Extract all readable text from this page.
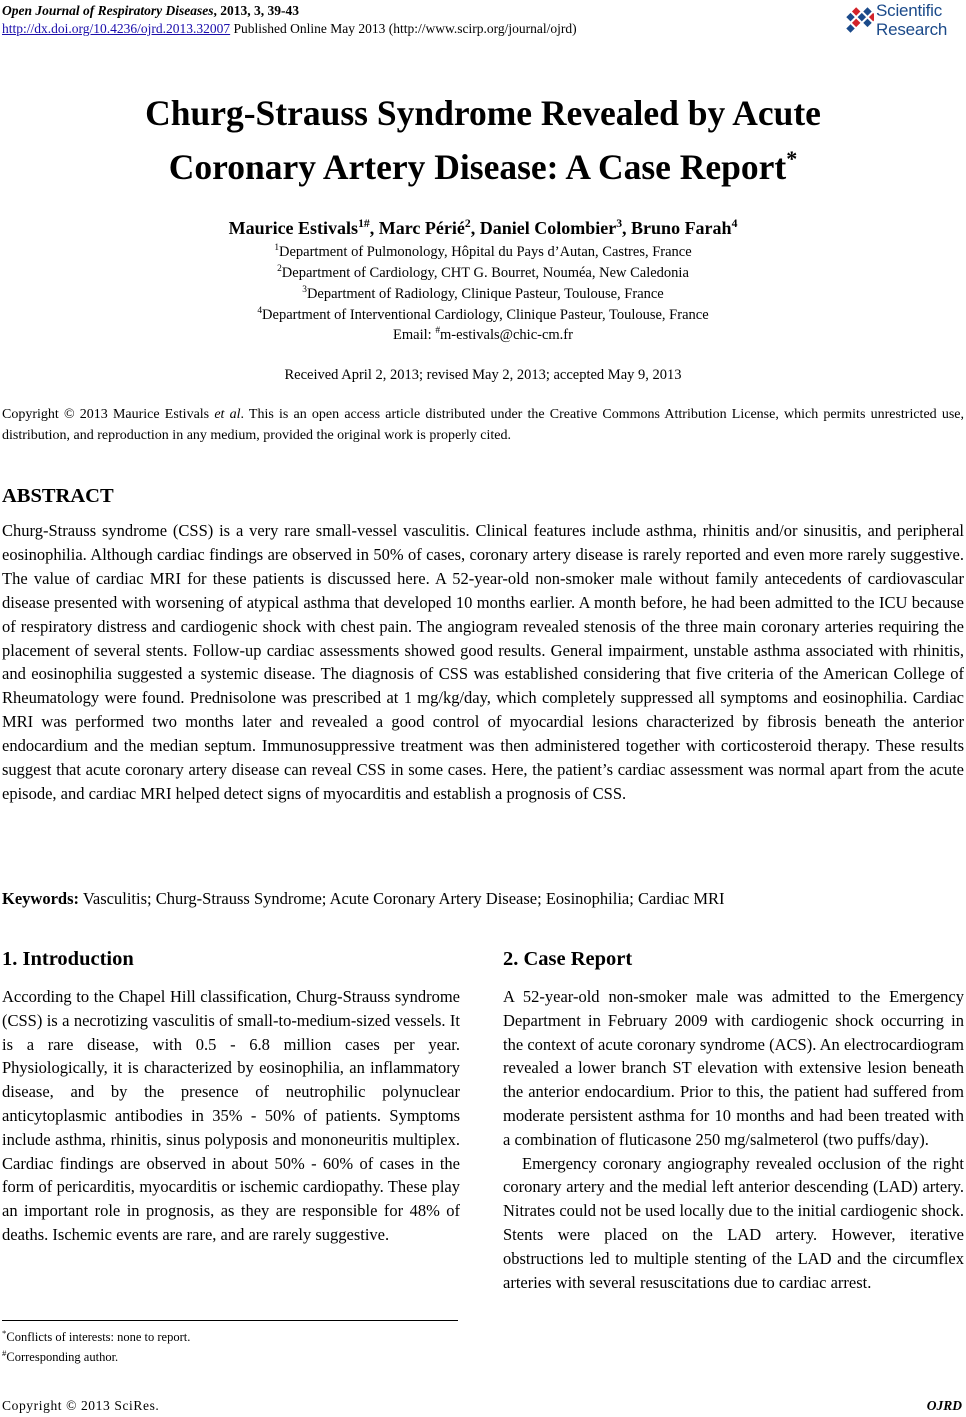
Open Journal of Respiratory Diseases, 2013, 3, 39-43
http://dx.doi.org/10.4236/ojrd.2013.32007 Published Online May 2013 (http://www.scirp.org/journal/ojrd)
Scientific
Research
Churg-Strauss Syndrome Revealed by Acute
Coronary Artery Disease: A Case Report*
Maurice Estivals$^{1\#}$, Marc Périé$^2$, Daniel Colombier$^3$, Bruno Farah$^4$
$^1$Department of Pulmonology, Hôpital du Pays d’Autan, Castres, France
$^2$Department of Cardiology, CHT G. Bourret, Nouméa, New Caledonia
$^3$Department of Radiology, Clinique Pasteur, Toulouse, France
$^4$Department of Interventional Cardiology, Clinique Pasteur, Toulouse, France
Email: #m-estivals@chic-cm.fr
Received April 2, 2013; revised May 2, 2013; accepted May 9, 2013
Copyright © 2013 Maurice Estivals et al. This is an open access article distributed under the Creative Commons Attribution License, which permits unrestricted use, distribution, and reproduction in any medium, provided the original work is properly cited.
ABSTRACT
Churg-Strauss syndrome (CSS) is a very rare small-vessel vasculitis. Clinical features include asthma, rhinitis and/or sinusitis, and peripheral eosinophilia. Although cardiac findings are observed in 50% of cases, coronary artery disease is rarely reported and even more rarely suggestive. The value of cardiac MRI for these patients is discussed here. A 52-year-old non-smoker male without family antecedents of cardiovascular disease presented with worsening of atypical asthma that developed 10 months earlier. A month before, he had been admitted to the ICU because of respiratory distress and cardiogenic shock with chest pain. The angiogram revealed stenosis of the three main coronary arteries requiring the placement of several stents. Follow-up cardiac assessments showed good results. General impairment, unstable asthma associated with rhinitis, and eosinophilia suggested a systemic disease. The diagnosis of CSS was established considering that five criteria of the American College of Rheumatology were found. Prednisolone was prescribed at 1 mg/kg/day, which completely suppressed all symptoms and eosinophilia. Cardiac MRI was performed two months later and revealed a good control of myocardial lesions characterized by fibrosis beneath the anterior endocardium and the median septum. Immunosuppressive treatment was then administered together with corticosteroid therapy. These results suggest that acute coronary artery disease can reveal CSS in some cases. Here, the patient’s cardiac assessment was normal apart from the acute episode, and cardiac MRI helped detect signs of myocarditis and establish a prognosis of CSS.
Keywords: Vasculitis; Churg-Strauss Syndrome; Acute Coronary Artery Disease; Eosinophilia; Cardiac MRI
1. Introduction

According to the Chapel Hill classification, Churg-Strauss syndrome (CSS) is a necrotizing vasculitis of small-to-medium-sized vessels. It is a rare disease, with 0.5 - 6.8 million cases per year. Physiologically, it is characterized by eosinophilia, an inflammatory disease, and by the presence of neutrophilic polynuclear anticytoplasmic antibodies in 35% - 50% of patients. Symptoms include asthma, rhinitis, sinus polyposis and mononeuritis multiplex. Cardiac findings are observed in about 50% - 60% of cases in the form of pericarditis, myocarditis or ischemic cardiopathy. These play an important role in prognosis, as they are responsible for 48% of deaths. Ischemic events are rare, and are rarely suggestive.

2. Case Report

A 52-year-old non-smoker male was admitted to the Emergency Department in February 2009 with cardiogenic shock occurring in the context of acute coronary syndrome (ACS). An electrocardiogram revealed a lower branch ST elevation with extensive lesion beneath the anterior endocardium. Prior to this, the patient had suffered from moderate persistent asthma for 10 months and had been treated with a combination of fluticasone 250 mg/salmeterol (two puffs/day).

Emergency coronary angiography revealed occlusion of the right coronary artery and the medial left anterior descending (LAD) artery. Nitrates could not be used locally due to the initial cardiogenic shock. Stents were placed on the LAD artery. However, iterative obstructions led to multiple stenting of the LAD and the circumflex arteries with several resuscitations due to cardiac arrest.

*Conflicts of interests: none to report.
#Corresponding author.
Copyright © 2013 SciRes.	OJRD
